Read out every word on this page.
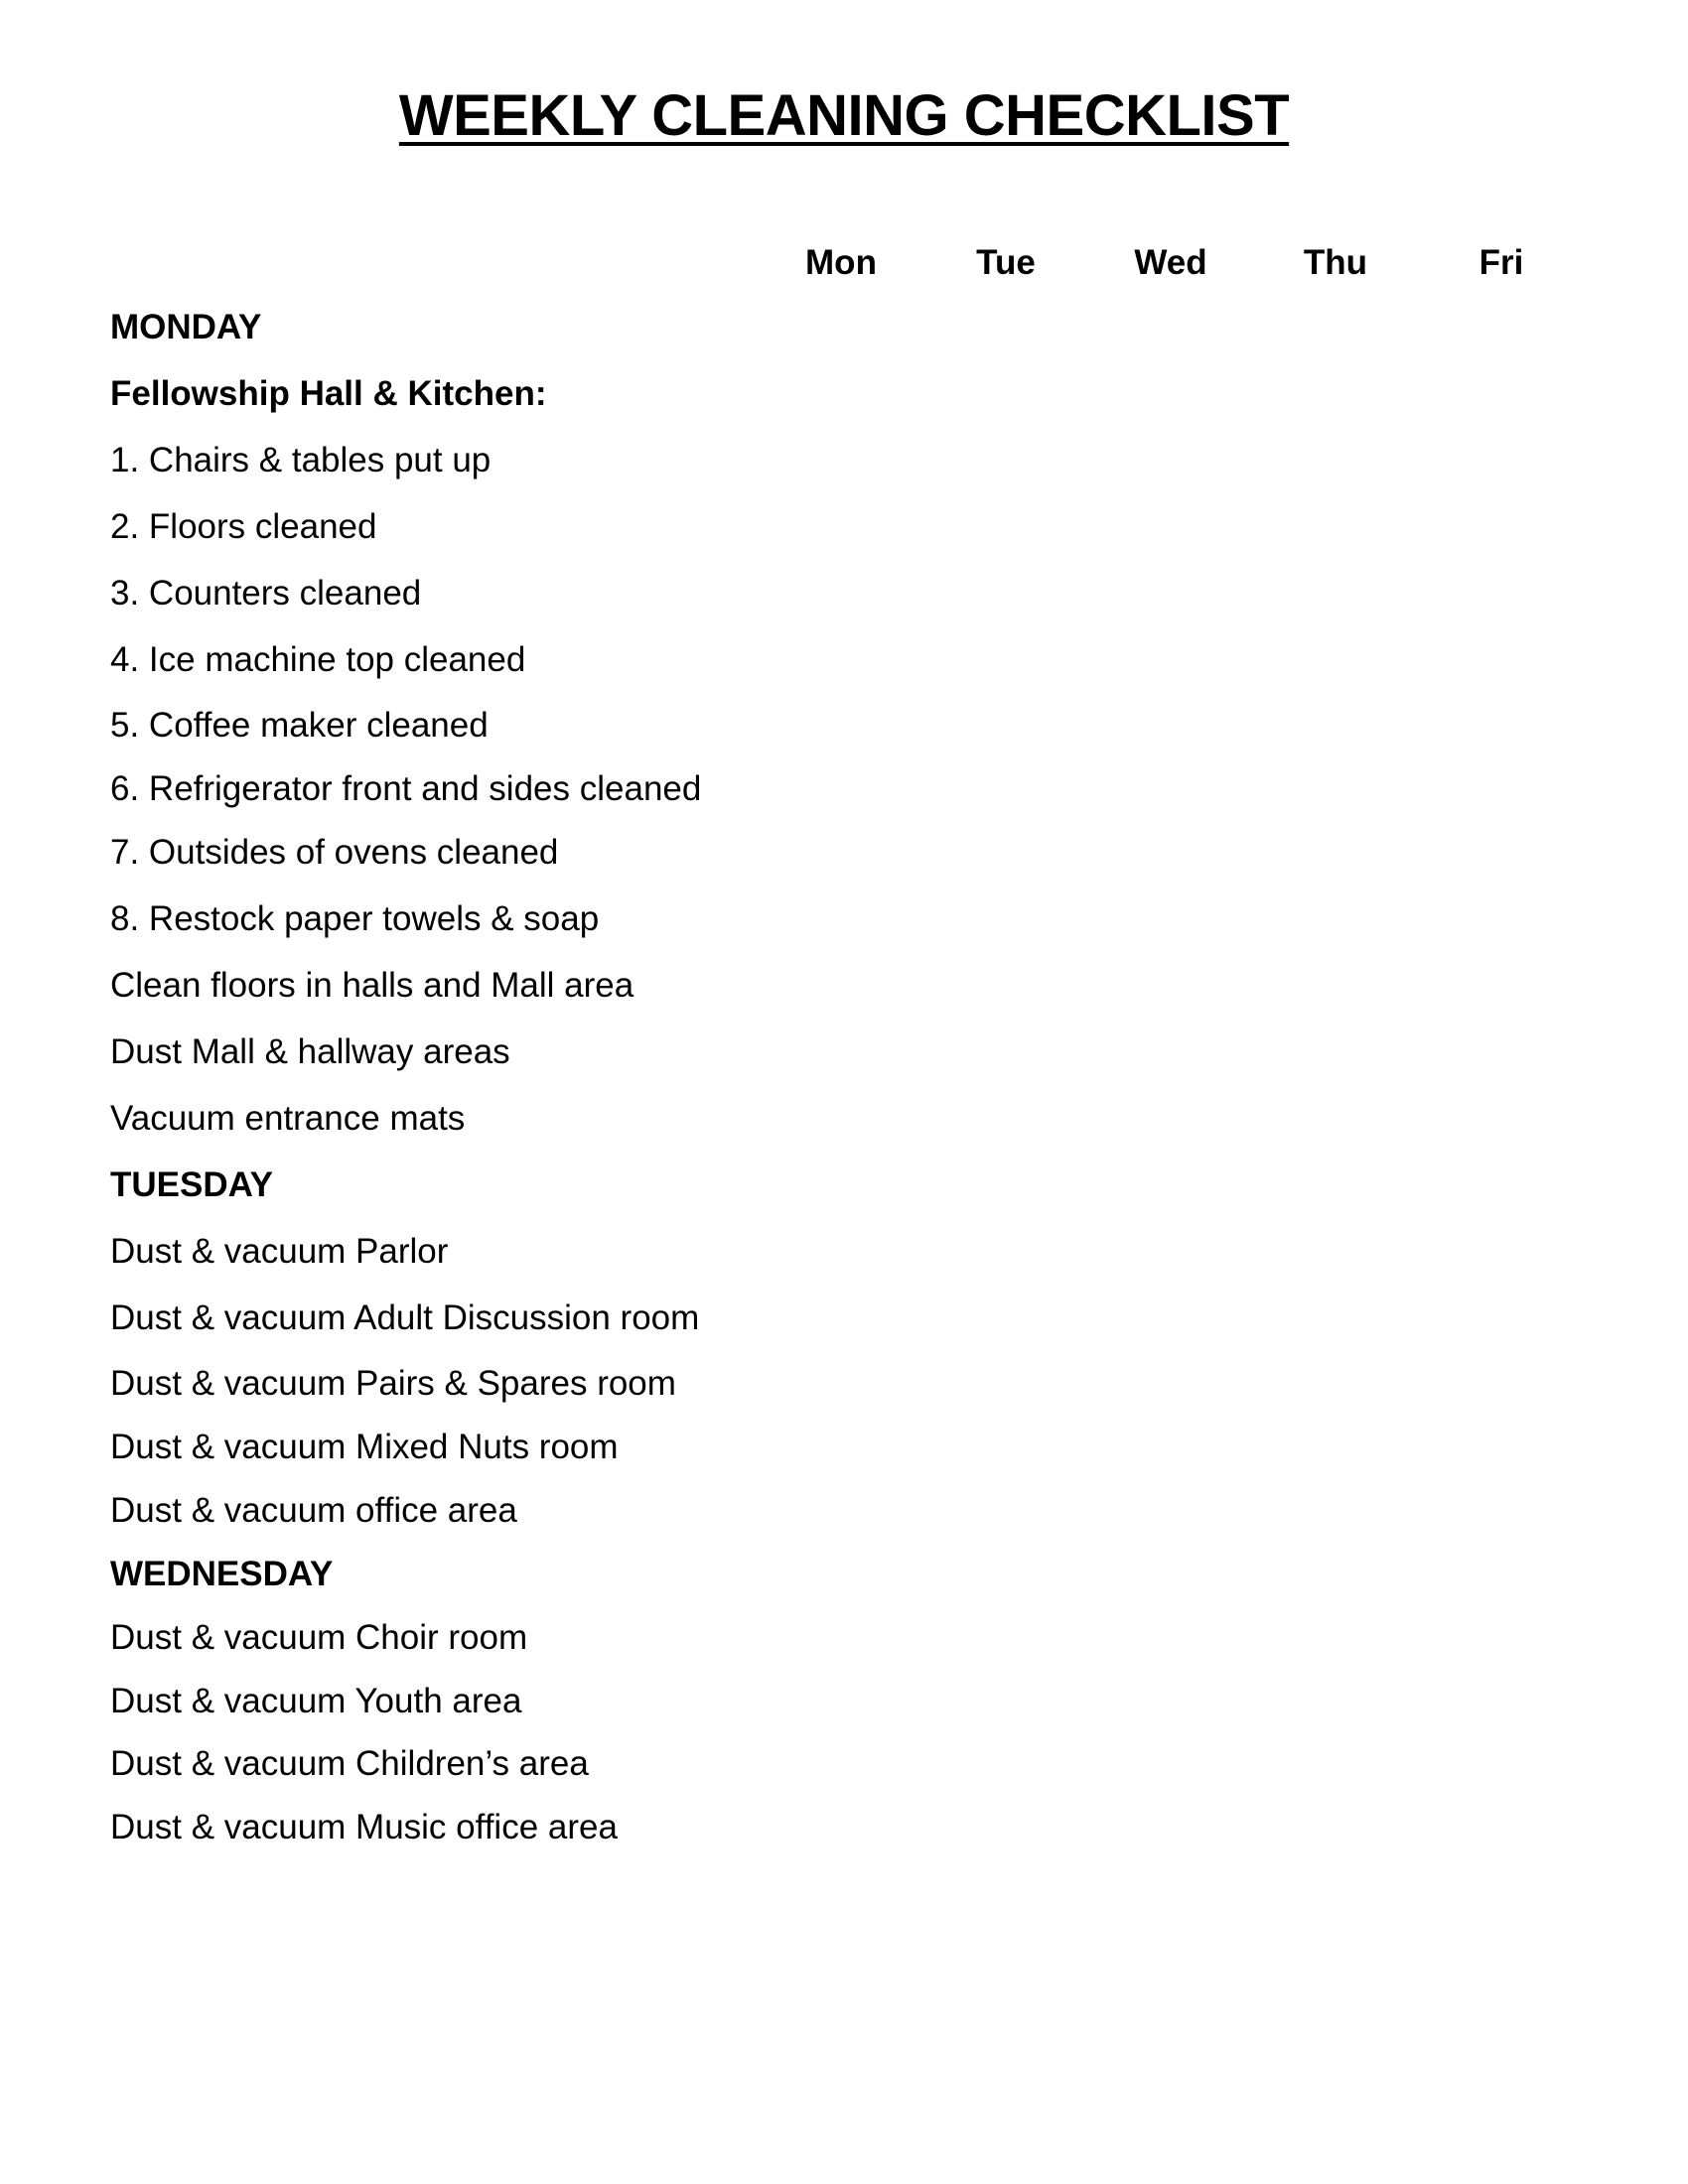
WEEKLY CLEANING CHECKLIST
Mon	Tue	Wed	Thu	Fri
MONDAY
Fellowship Hall & Kitchen:
1. Chairs & tables put up
2. Floors cleaned
3. Counters cleaned
4. Ice machine top cleaned
5. Coffee maker cleaned
6. Refrigerator front and sides cleaned
7. Outsides of ovens cleaned
8. Restock paper towels & soap
Clean floors in halls and Mall area
Dust Mall & hallway areas
Vacuum entrance mats
TUESDAY
Dust & vacuum Parlor
Dust & vacuum Adult Discussion room
Dust & vacuum Pairs & Spares room
Dust & vacuum Mixed Nuts room
Dust & vacuum office area
WEDNESDAY
Dust & vacuum Choir room
Dust & vacuum Youth area
Dust & vacuum Children’s area
Dust & vacuum Music office area
